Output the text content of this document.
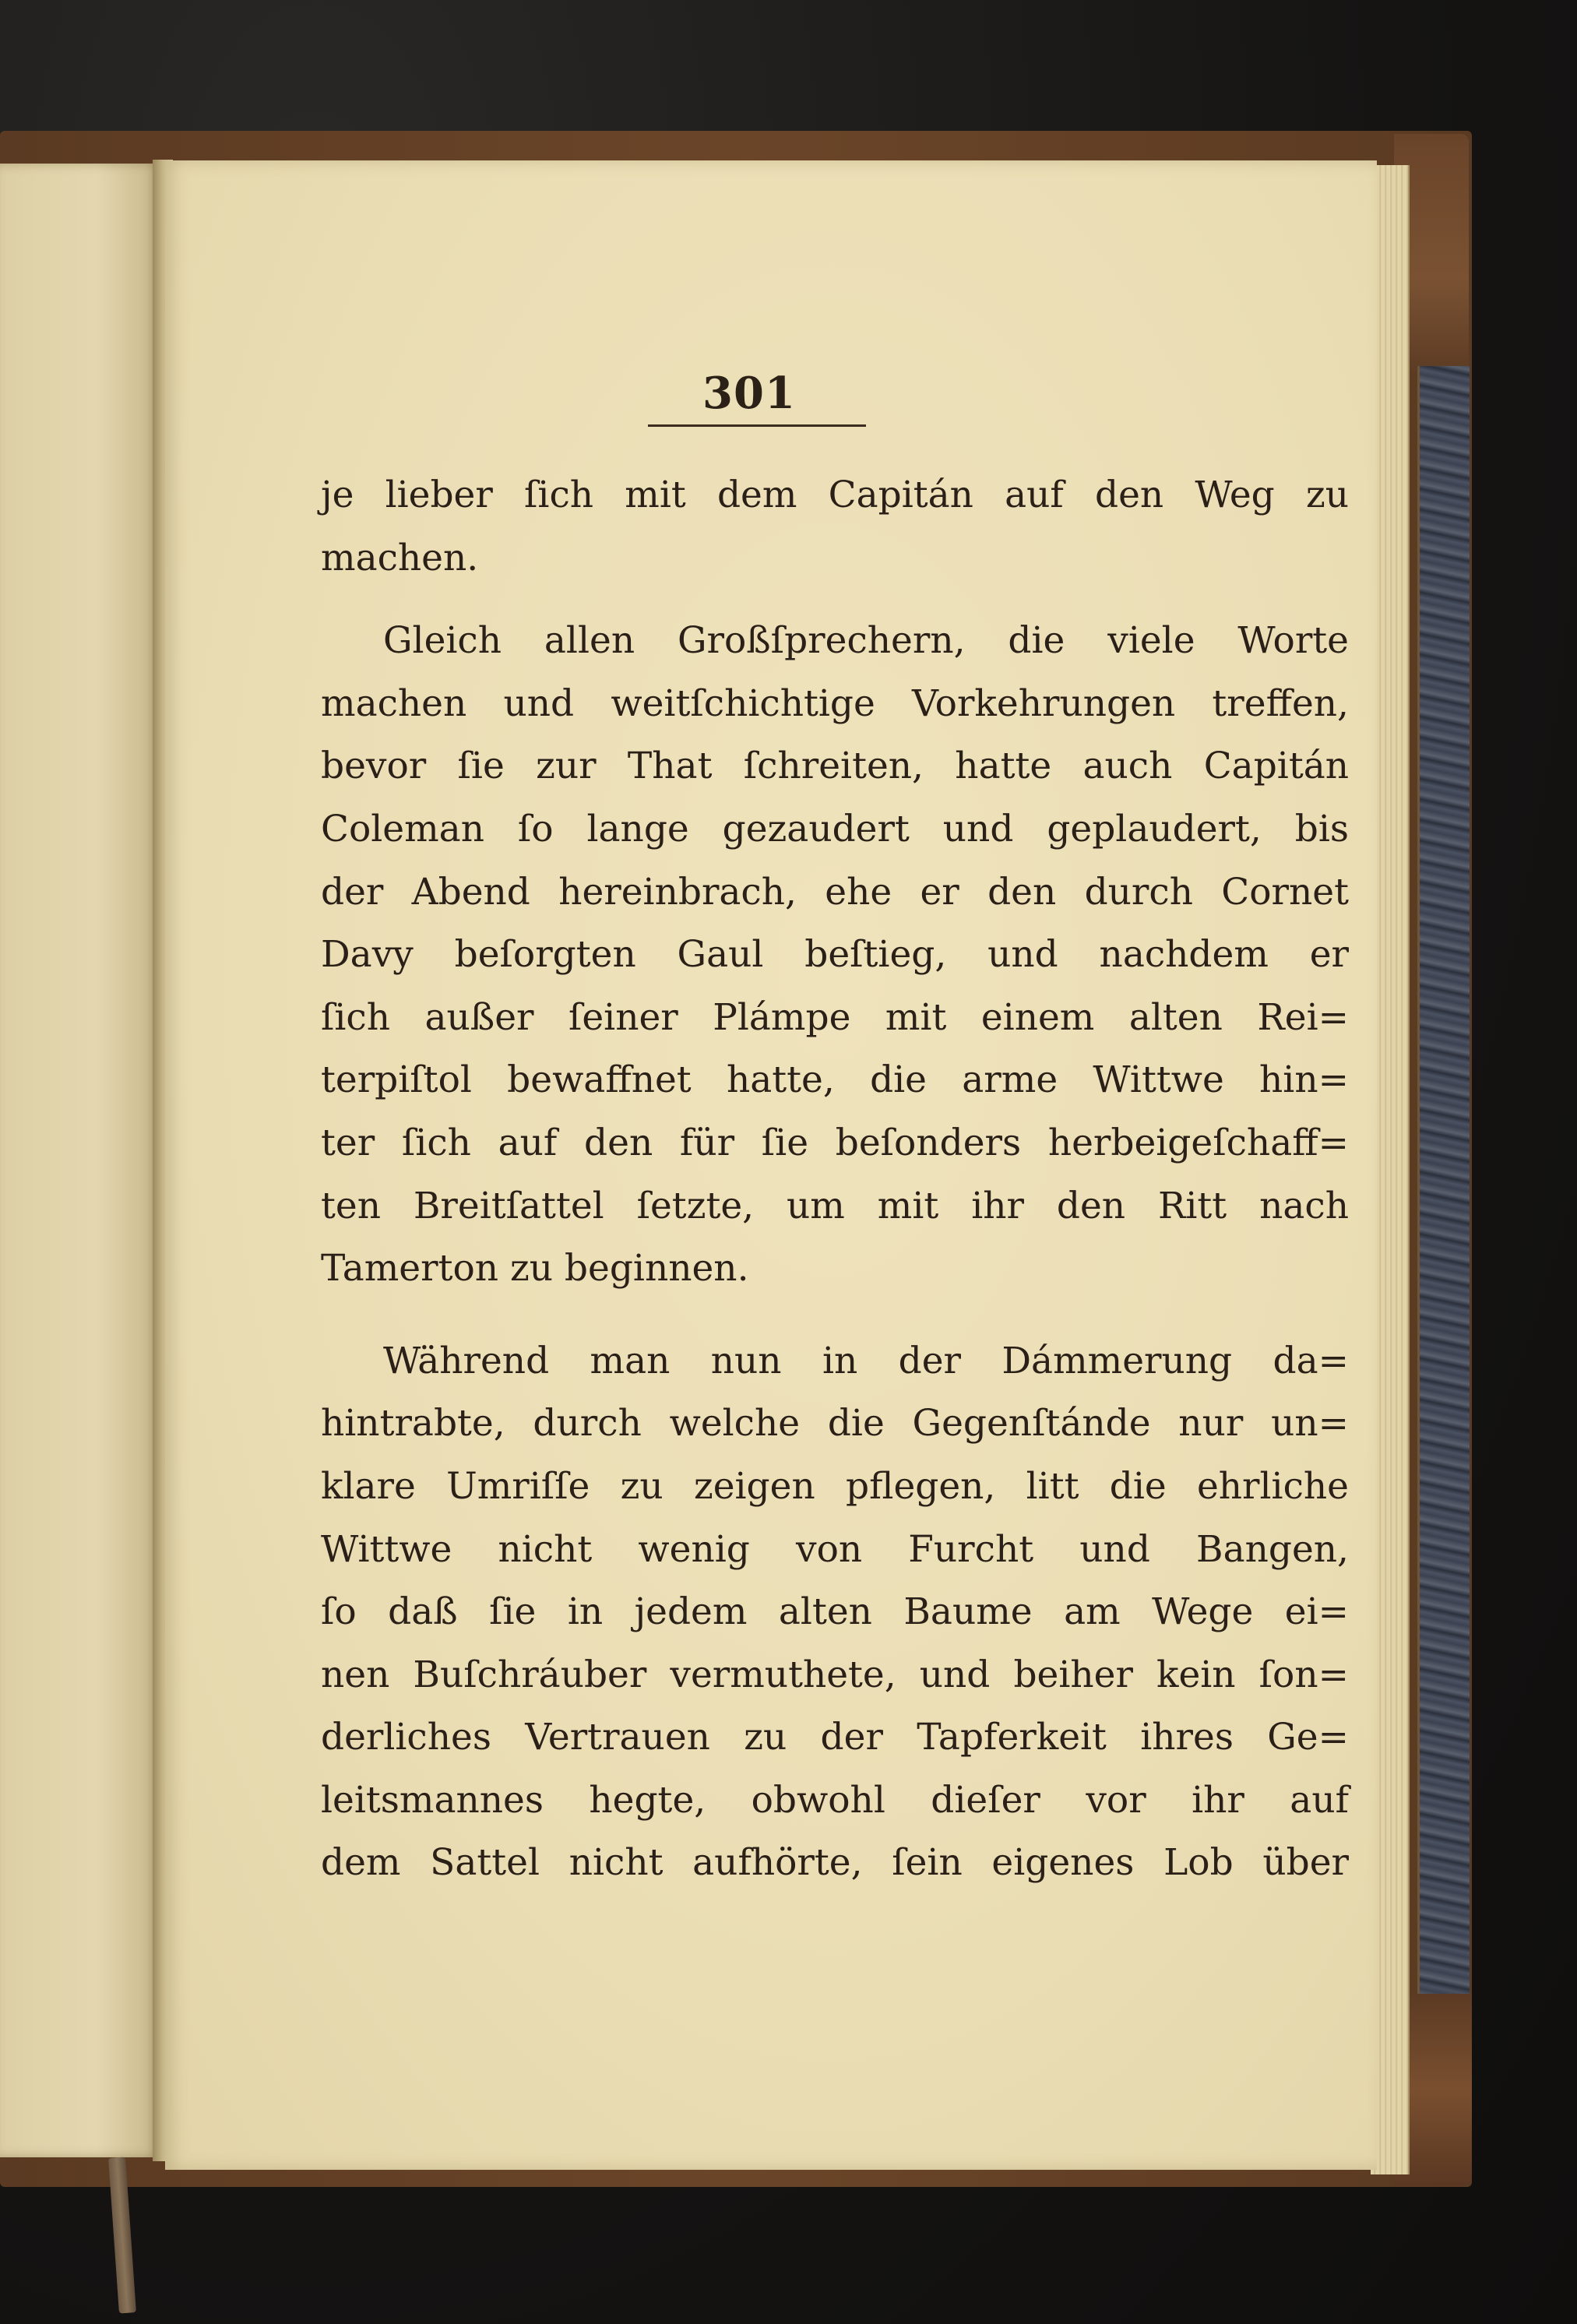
301

je lieber ſich mit dem Capitán auf den Weg zu
machen.

Gleich allen Großſprechern, die viele Worte
machen und weitſchichtige Vorkehrungen treffen,
bevor ſie zur That ſchreiten, hatte auch Capitán
Coleman ſo lange gezaudert und geplaudert, bis
der Abend hereinbrach, ehe er den durch Cornet
Davy beſorgten Gaul beſtieg, und nachdem er
ſich außer ſeiner Plámpe mit einem alten Rei=
terpiſtol bewaffnet hatte, die arme Wittwe hin=
ter ſich auf den für ſie beſonders herbeigeſchaff=
ten Breitſattel ſetzte, um mit ihr den Ritt nach
Tamerton zu beginnen.

Während man nun in der Dámmerung da=
hintrabte, durch welche die Gegenſtánde nur un=
klare Umriſſe zu zeigen pflegen, litt die ehrliche
Wittwe nicht wenig von Furcht und Bangen,
ſo daß ſie in jedem alten Baume am Wege ei=
nen Buſchráuber vermuthete, und beiher kein ſon=
derliches Vertrauen zu der Tapferkeit ihres Ge=
leitsmannes hegte, obwohl dieſer vor ihr auf
dem Sattel nicht aufhörte, ſein eigenes Lob über
